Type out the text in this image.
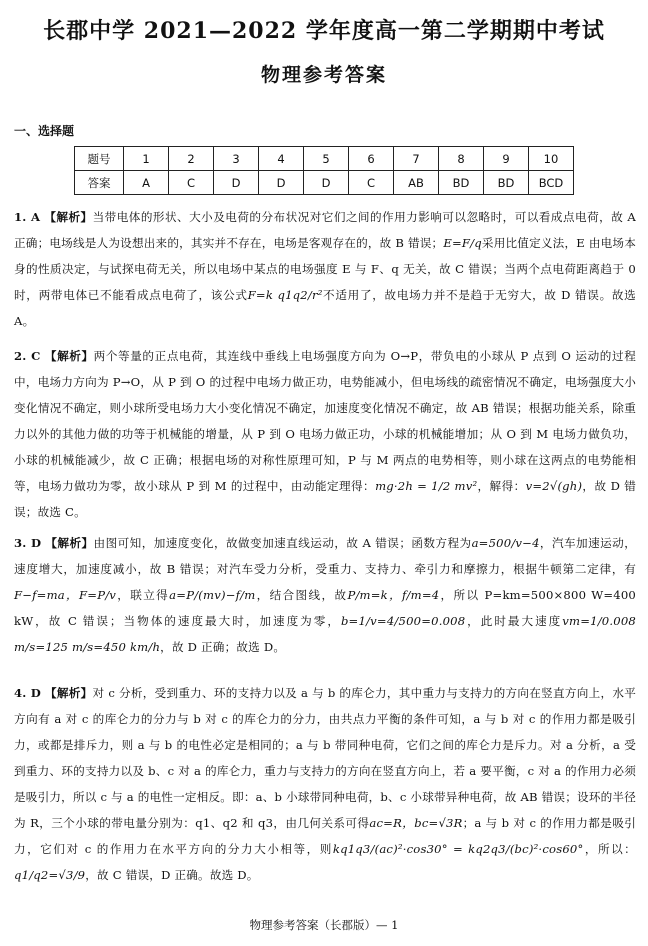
长郡中学 2021—2022 学年度高一第二学期期中考试
物理参考答案
一、选择题
题号	1	2	3	4	5	6	7	8	9	10
答案	A	C	D	D	D	C	AB	BD	BD	BCD
1. A 【解析】当带电体的形状、大小及电荷的分布状况对它们之间的作用力影响可以忽略时，可以看成点电荷，故 A 正确；电场线是人为设想出来的，其实并不存在，电场是客观存在的，故 B 错误；E=F/q采用比值定义法，E 由电场本身的性质决定，与试探电荷无关，所以电场中某点的电场强度 E 与 F、q 无关，故 C 错误；当两个点电荷距离趋于 0 时，两带电体已不能看成点电荷了，该公式F=k q1q2/r²不适用了，故电场力并不是趋于无穷大，故 D 错误。故选 A。
2. C 【解析】两个等量的正点电荷，其连线中垂线上电场强度方向为 O→P，带负电的小球从 P 点到 O 运动的过程中，电场力方向为 P→O，从 P 到 O 的过程中电场力做正功，电势能减小，但电场线的疏密情况不确定，电场强度大小变化情况不确定，则小球所受电场力大小变化情况不确定，加速度变化情况不确定，故 AB 错误；根据功能关系，除重力以外的其他力做的功等于机械能的增量，从 P 到 O 电场力做正功，小球的机械能增加；从 O 到 M 电场力做负功，小球的机械能减少，故 C 正确；根据电场的对称性原理可知，P 与 M 两点的电势相等，则小球在这两点的电势能相等，电场力做功为零，故小球从 P 到 M 的过程中，由动能定理得：mg·2h = 1/2 mv²，解得：v=2√(gh)，故 D 错误；故选 C。
3. D 【解析】由图可知，加速度变化，故做变加速直线运动，故 A 错误；函数方程为a=500/v−4，汽车加速运动，速度增大，加速度减小，故 B 错误；对汽车受力分析，受重力、支持力、牵引力和摩擦力，根据牛顿第二定律，有F−f=ma，F=P/v，联立得a=P/(mv)−f/m，结合图线，故P/m=k，f/m=4，所以 P=km=500×800 W=400 kW，故 C 错误；当物体的速度最大时，加速度为零，b=1/v=4/500=0.008，此时最大速度vm=1/0.008 m/s=125 m/s=450 km/h，故 D 正确；故选 D。
4. D 【解析】对 c 分析，受到重力、环的支持力以及 a 与 b 的库仑力，其中重力与支持力的方向在竖直方向上，水平方向有 a 对 c 的库仑力的分力与 b 对 c 的库仑力的分力，由共点力平衡的条件可知，a 与 b 对 c 的作用力都是吸引力，或都是排斥力，则 a 与 b 的电性必定是相同的；a 与 b 带同种电荷，它们之间的库仑力是斥力。对 a 分析，a 受到重力、环的支持力以及 b、c 对 a 的库仑力，重力与支持力的方向在竖直方向上，若 a 要平衡，c 对 a 的作用力必须是吸引力，所以 c 与 a 的电性一定相反。即：a、b 小球带同种电荷，b、c 小球带异种电荷，故 AB 错误；设环的半径为 R，三个小球的带电量分别为：q1、q2 和 q3，由几何关系可得ac=R，bc=√3R；a 与 b 对 c 的作用力都是吸引力，它们对 c 的作用力在水平方向的分力大小相等，则kq1q3/(ac)²·cos30° = kq2q3/(bc)²·cos60°，所以：q1/q2=√3/9，故 C 错误，D 正确。故选 D。
物理参考答案（长郡版）— 1
